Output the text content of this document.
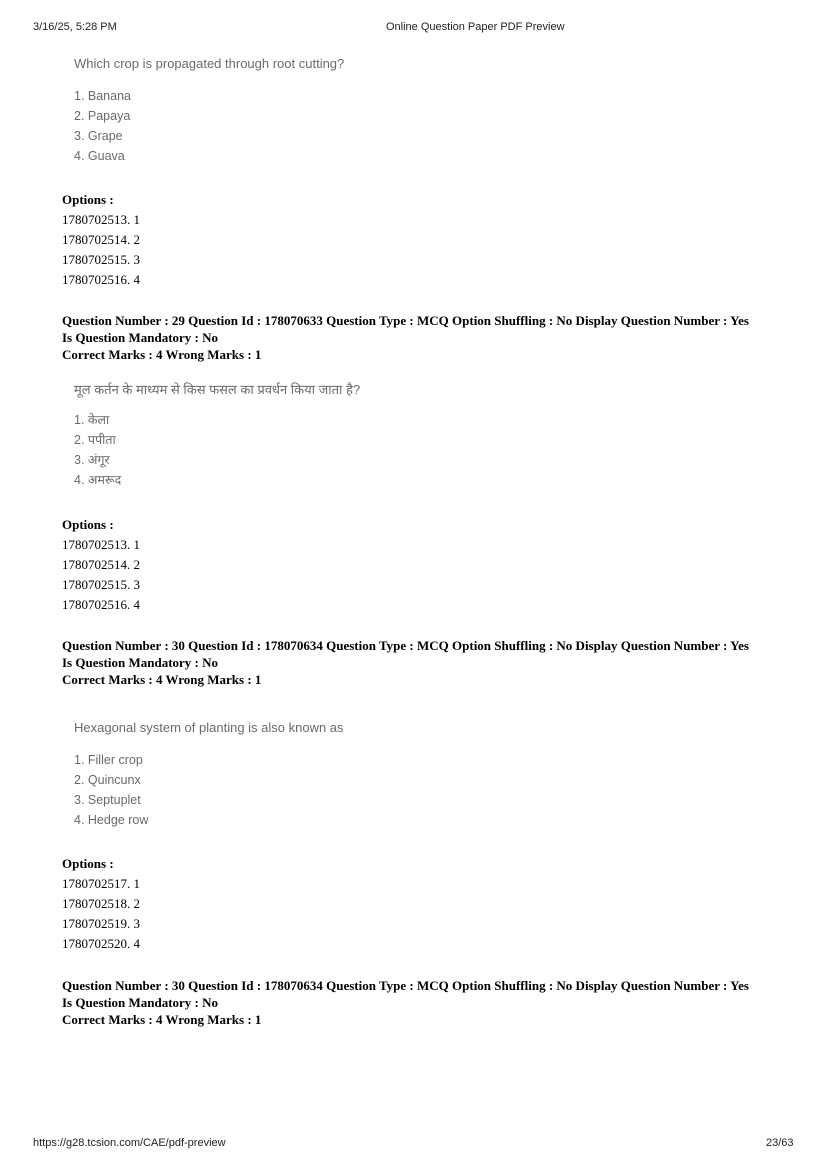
3/16/25, 5:28 PM	Online Question Paper PDF Preview
Which crop is propagated through root cutting?
1. Banana
2. Papaya
3. Grape
4. Guava
Options :
1780702513. 1
1780702514. 2
1780702515. 3
1780702516. 4
Question Number : 29 Question Id : 178070633 Question Type : MCQ Option Shuffling : No Display Question Number : Yes
Is Question Mandatory : No
Correct Marks : 4 Wrong Marks : 1
मूल कर्तन के माध्यम से किस फसल का प्रवर्धन किया जाता है?
1. केला
2. पपीता
3. अंगूर
4. अमरूद
Options :
1780702513. 1
1780702514. 2
1780702515. 3
1780702516. 4
Question Number : 30 Question Id : 178070634 Question Type : MCQ Option Shuffling : No Display Question Number : Yes
Is Question Mandatory : No
Correct Marks : 4 Wrong Marks : 1
Hexagonal system of planting is also known as
1. Filler crop
2. Quincunx
3. Septuplet
4. Hedge row
Options :
1780702517. 1
1780702518. 2
1780702519. 3
1780702520. 4
Question Number : 30 Question Id : 178070634 Question Type : MCQ Option Shuffling : No Display Question Number : Yes
Is Question Mandatory : No
Correct Marks : 4 Wrong Marks : 1
https://g28.tcsion.com/CAE/pdf-preview	23/63
